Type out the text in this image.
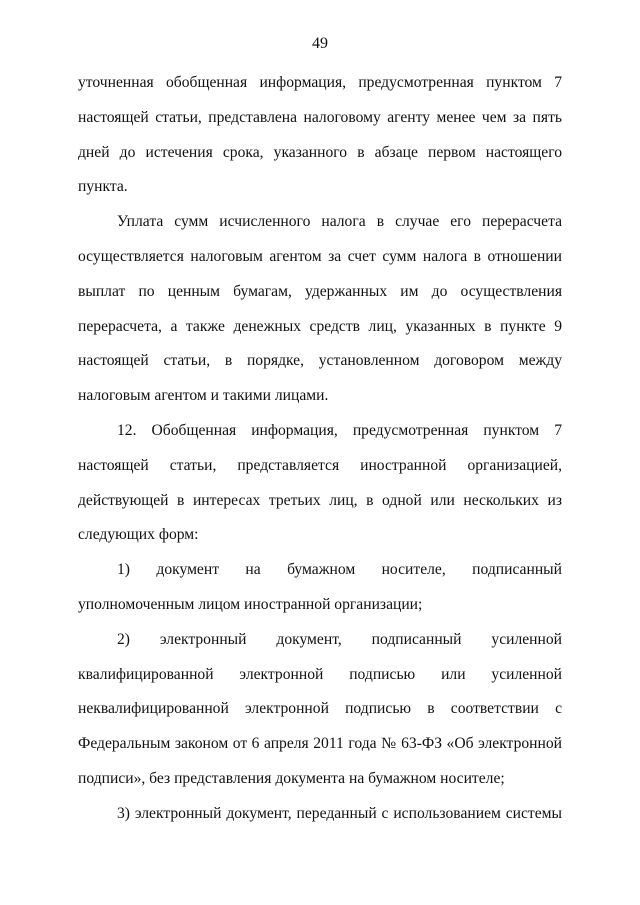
49

уточненная обобщенная информация, предусмотренная пунктом 7 настоящей статьи, представлена налоговому агенту менее чем за пять дней до истечения срока, указанного в абзаце первом настоящего пункта.

Уплата сумм исчисленного налога в случае его перерасчета осуществляется налоговым агентом за счет сумм налога в отношении выплат по ценным бумагам, удержанных им до осуществления перерасчета, а также денежных средств лиц, указанных в пункте 9 настоящей статьи, в порядке, установленном договором между налоговым агентом и такими лицами.

12. Обобщенная информация, предусмотренная пунктом 7 настоящей статьи, представляется иностранной организацией, действующей в интересах третьих лиц, в одной или нескольких из следующих форм:

1) документ на бумажном носителе, подписанный уполномоченным лицом иностранной организации;

2) электронный документ, подписанный усиленной квалифицированной электронной подписью или усиленной неквалифицированной электронной подписью в соответствии с Федеральным законом от 6 апреля 2011 года № 63-ФЗ «Об электронной подписи», без представления документа на бумажном носителе;

3) электронный документ, переданный с использованием системы
